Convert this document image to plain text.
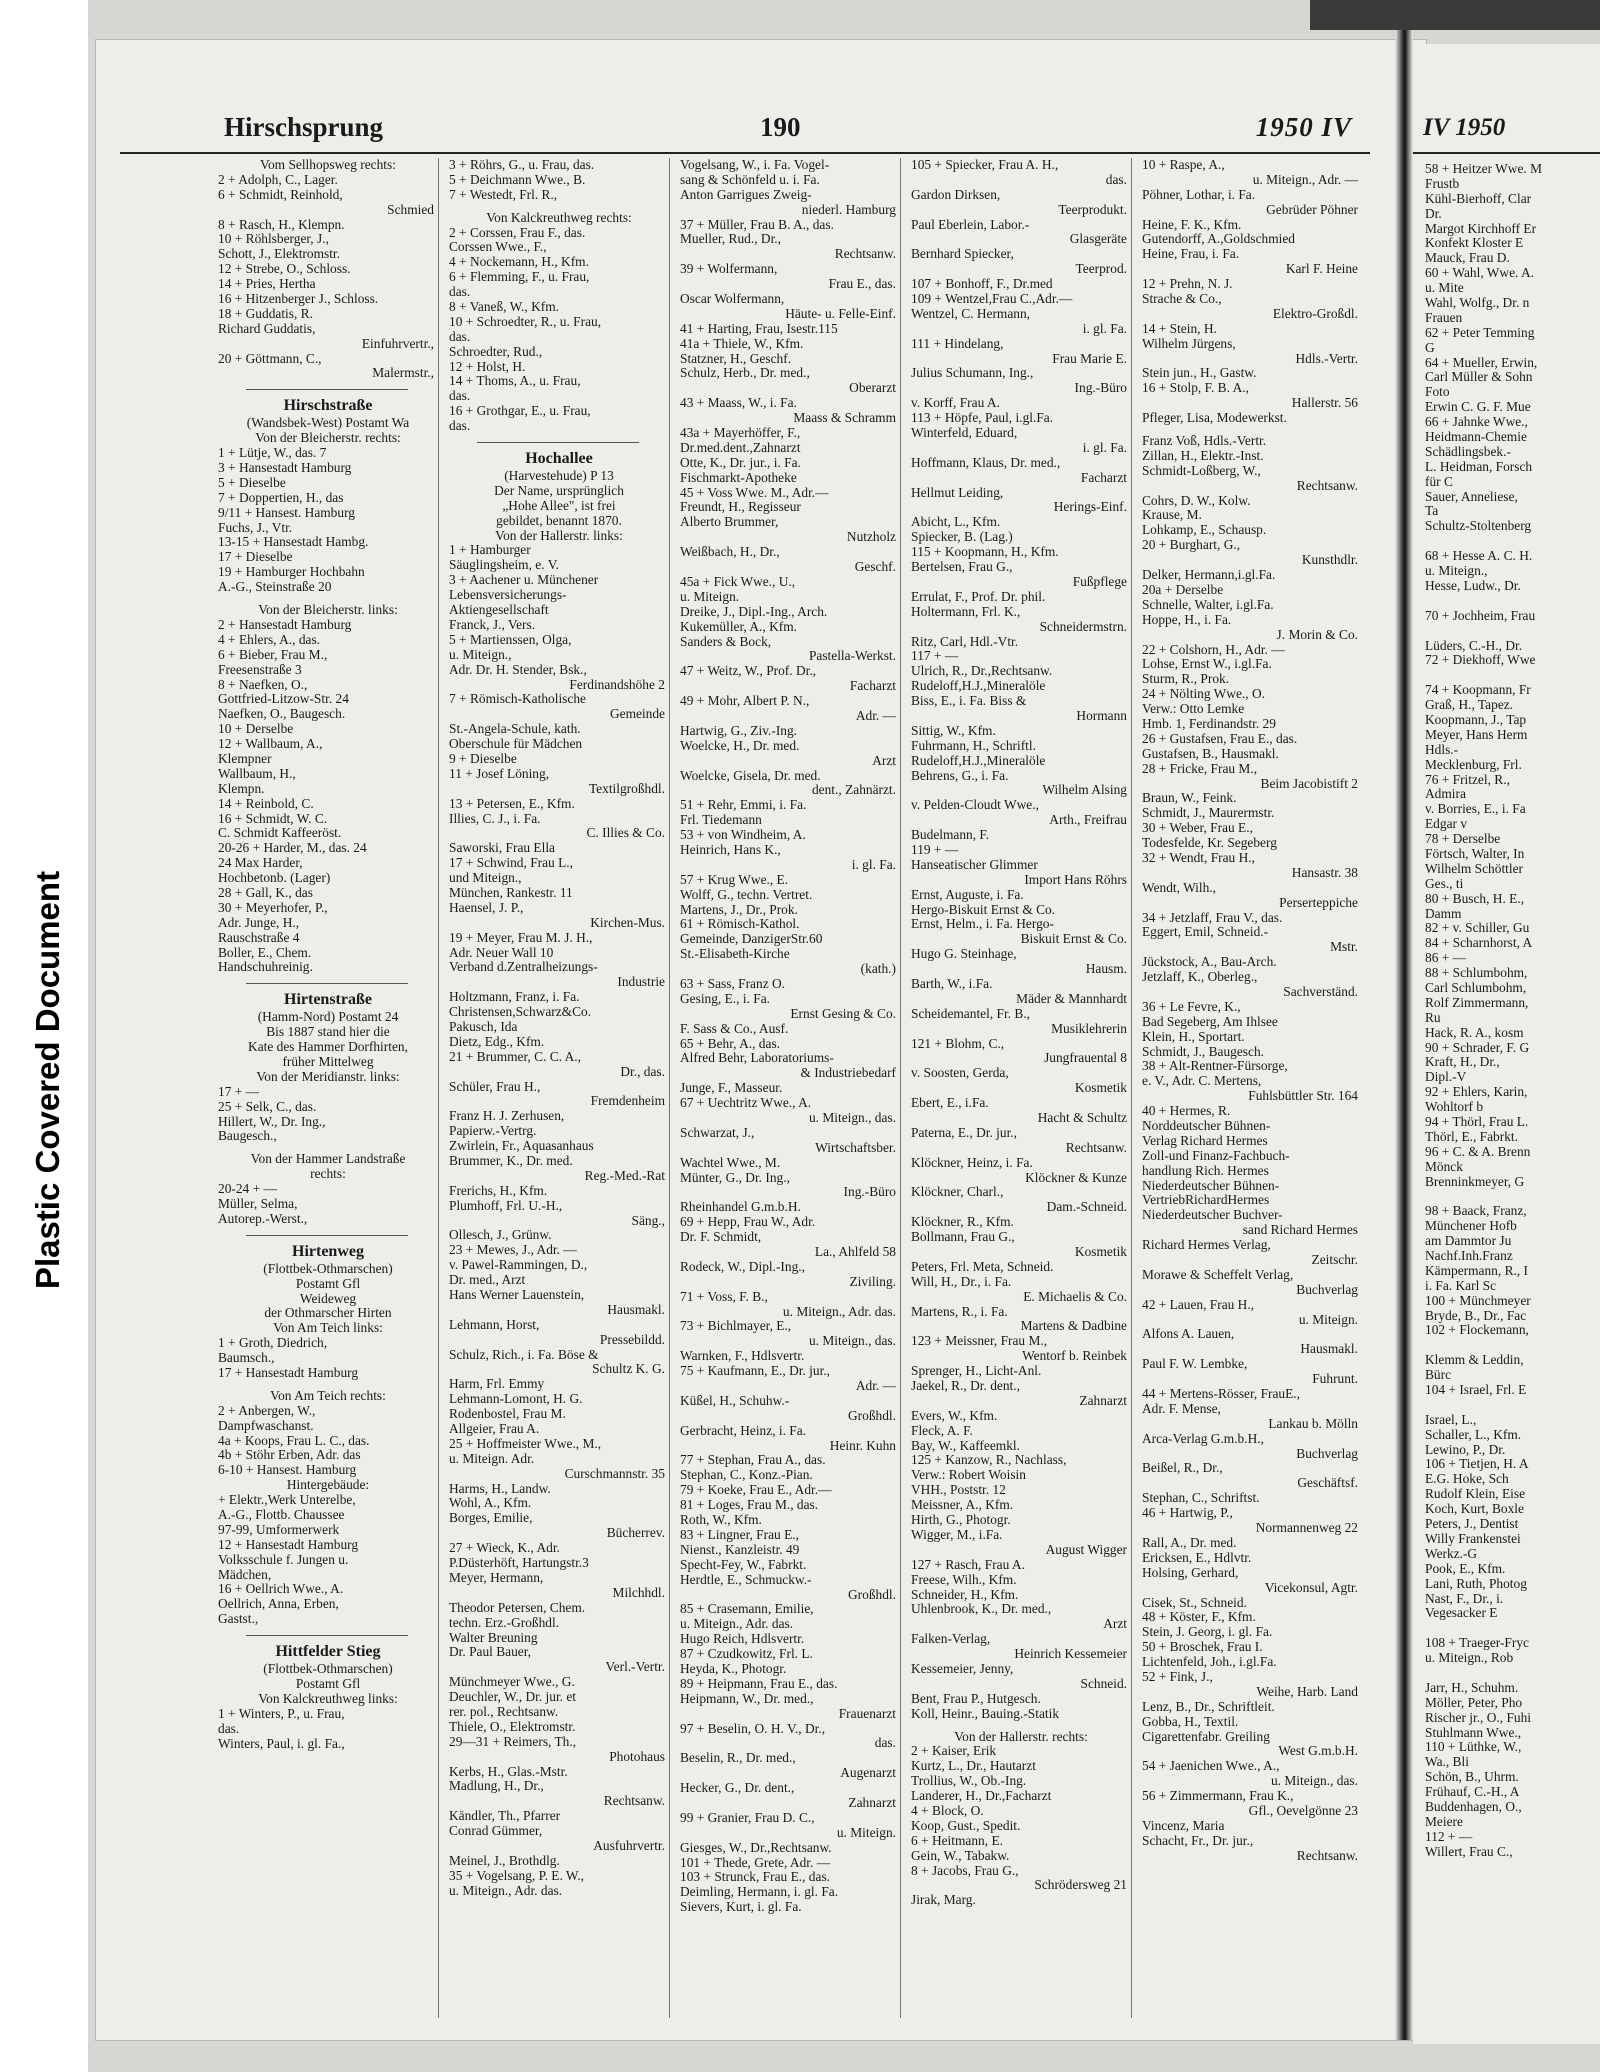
Plastic Covered Document
IV 1950
58 + Heitzer Wwe. M
Frustb
Kühl-Bierhoff, Clar
Dr.
Margot Kirchhoff Er
Konfekt Kloster E
Mauck, Frau D.
60 + Wahl, Wwe. A.
u. Mite
Wahl, Wolfg., Dr. n
Frauen
62 + Peter Temming
G
64 + Mueller, Erwin,
Carl Müller & Sohn
Foto
Erwin C. G. F. Mue
66 + Jahnke Wwe.,
Heidmann-Chemie
Schädlingsbek.-
L. Heidman, Forsch
für C
Sauer, Anneliese,
Ta
Schultz-Stoltenberg
68 + Hesse A. C. H.
u. Miteign.,
Hesse, Ludw., Dr.
70 + Jochheim, Frau
Lüders, C.-H., Dr.
72 + Diekhoff, Wwe
74 + Koopmann, Fr
Graß, H., Tapez.
Koopmann, J., Tap
Meyer, Hans Herm
Hdls.-
Mecklenburg, Frl.
76 + Fritzel, R.,
Admira
v. Borries, E., i. Fa
Edgar v
78 + Derselbe
Förtsch, Walter, In
Wilhelm Schöttler
Ges., ti
80 + Busch, H. E.,
Damm
82 + v. Schiller, Gu
84 + Scharnhorst, A
86 + —
88 + Schlumbohm,
Carl Schlumbohm,
Rolf Zimmermann,
Ru
Hack, R. A., kosm
90 + Schrader, F. G
Kraft, H., Dr.,
Dipl.-V
92 + Ehlers, Karin,
Wohltorf b
94 + Thörl, Frau L.
Thörl, E., Fabrkt.
96 + C. & A. Brenn
Mönck
Brenninkmeyer, G
98 + Baack, Franz,
Münchener Hofb
am Dammtor Ju
Nachf.Inh.Franz
Kämpermann, R., I
i. Fa. Karl Sc
100 + Münchmeyer
Bryde, B., Dr., Fac
102 + Flockemann,
Klemm & Leddin,
Bürc
104 + Israel, Frl. E
Israel, L.,
Schaller, L., Kfm.
Lewino, P., Dr.
106 + Tietjen, H. A
E.G. Hoke, Sch
Rudolf Klein, Eise
Koch, Kurt, Boxle
Peters, J., Dentist
Willy Frankenstei
Werkz.-G
Pook, E., Kfm.
Lani, Ruth, Photog
Nast, F., Dr., i.
Vegesacker E
108 + Traeger-Fryc
u. Miteign., Rob
Jarr, H., Schuhm.
Möller, Peter, Pho
Rischer jr., O., Fuhi
Stuhlmann Wwe.,
110 + Lüthke, W.,
Wa., Bli
Schön, B., Uhrm.
Frühauf, C.-H., A
Buddenhagen, O.,
Meiere
112 + —
Willert, Frau C.,
Hirschsprung	190	1950 IV
Vom Sellhopsweg rechts:
2 + Adolph, C., Lager.
6 + Schmidt, Reinhold,
Schmied
8 + Rasch, H., Klempn.
10 + Röhlsberger, J.,
Schott, J., Elektromstr.
12 + Strebe, O., Schloss.
14 + Pries, Hertha
16 + Hitzenberger J., Schloss.
18 + Guddatis, R.
Richard Guddatis,
Einfuhrvertr.,
20 + Göttmann, C.,
Malermstr.,
Hirschstraße
(Wandsbek-West) Postamt Wa
Von der Bleicherstr. rechts:
1 + Lütje, W., das. 7
3 + Hansestadt Hamburg
5 + Dieselbe
7 + Doppertien, H., das
9/11 + Hansest. Hamburg
Fuchs, J., Vtr.
13-15 + Hansestadt Hambg.
17 + Dieselbe
19 + Hamburger Hochbahn
A.-G., Steinstraße 20
Von der Bleicherstr. links:
2 + Hansestadt Hamburg
4 + Ehlers, A., das.
6 + Bieber, Frau M.,
Freesenstraße 3
8 + Naefken, O.,
Gottfried-Litzow-Str. 24
Naefken, O., Baugesch.
10 + Derselbe
12 + Wallbaum, A.,
Klempner
Wallbaum, H.,
Klempn.
14 + Reinbold, C.
16 + Schmidt, W. C.
C. Schmidt Kaffeeröst.
20-26 + Harder, M., das. 24
24 Max Harder,
Hochbetonb. (Lager)
28 + Gall, K., das
30 + Meyerhofer, P.,
Adr. Junge, H.,
Rauschstraße 4
Boller, E., Chem.
Handschuhreinig.
Hirtenstraße
(Hamm-Nord) Postamt 24
Bis 1887 stand hier die
Kate des Hammer Dorfhirten,
früher Mittelweg
Von der Meridianstr. links:
17 + —
25 + Selk, C., das.
Hillert, W., Dr. Ing.,
Baugesch.,
Von der Hammer Landstraße
rechts:
20-24 + —
Müller, Selma,
Autorep.-Werst.,
Hirtenweg
(Flottbek-Othmarschen)
Postamt Gfl
Weideweg
der Othmarscher Hirten
Von Am Teich links:
1 + Groth, Diedrich,
Baumsch.,
17 + Hansestadt Hamburg
Von Am Teich rechts:
2 + Anbergen, W.,
Dampfwaschanst.
4a + Koops, Frau L. C., das.
4b + Stöhr Erben, Adr. das
6-10 + Hansest. Hamburg
Hintergebäude:
+ Elektr.,Werk Unterelbe,
A.-G., Flottb. Chaussee
97-99, Umformerwerk
12 + Hansestadt Hamburg
Volksschule f. Jungen u.
Mädchen,
16 + Oellrich Wwe., A.
Oellrich, Anna, Erben,
Gastst.,
Hittfelder Stieg
(Flottbek-Othmarschen)
Postamt Gfl
Von Kalckreuthweg links:
1 + Winters, P., u. Frau,
das.
Winters, Paul, i. gl. Fa.,
3 + Röhrs, G., u. Frau, das.
5 + Deichmann Wwe., B.
7 + Westedt, Frl. R.,
Von Kalckreuthweg rechts:
2 + Corssen, Frau F., das.
Corssen Wwe., F.,
4 + Nockemann, H., Kfm.
6 + Flemming, F., u. Frau,
das.
8 + Vaneß, W., Kfm.
10 + Schroedter, R., u. Frau,
das.
Schroedter, Rud.,
12 + Holst, H.
14 + Thoms, A., u. Frau,
das.
16 + Grothgar, E., u. Frau,
das.
Hochallee
(Harvestehude) P 13
Der Name, ursprünglich
„Hohe Allee", ist frei
gebildet, benannt 1870.
Von der Hallerstr. links:
1 + Hamburger
Säuglingsheim, e. V.
3 + Aachener u. Münchener
Lebensversicherungs-
Aktiengesellschaft
Franck, J., Vers.
5 + Martienssen, Olga,
u. Miteign.,
Adr. Dr. H. Stender, Bsk.,
Ferdinandshöhe 2
7 + Römisch-Katholische
Gemeinde
St.-Angela-Schule, kath.
Oberschule für Mädchen
9 + Dieselbe
11 + Josef Löning,
Textilgroßhdl.
13 + Petersen, E., Kfm.
Illies, C. J., i. Fa.
C. Illies & Co.
Saworski, Frau Ella
17 + Schwind, Frau L.,
und Miteign.,
München, Rankestr. 11
Haensel, J. P.,
Kirchen-Mus.
19 + Meyer, Frau M. J. H.,
Adr. Neuer Wall 10
Verband d.Zentralheizungs-
Industrie
Holtzmann, Franz, i. Fa.
Christensen,Schwarz&Co.
Pakusch, Ida
Dietz, Edg., Kfm.
21 + Brummer, C. C. A.,
Dr., das.
Schüler, Frau H.,
Fremdenheim
Franz H. J. Zerhusen,
Papierw.-Vertrg.
Zwirlein, Fr., Aquasanhaus
Brummer, K., Dr. med.
Reg.-Med.-Rat
Frerichs, H., Kfm.
Plumhoff, Frl. U.-H.,
Säng.,
Ollesch, J., Grünw.
23 + Mewes, J., Adr. —
v. Pawel-Rammingen, D.,
Dr. med., Arzt
Hans Werner Lauenstein,
Hausmakl.
Lehmann, Horst,
Pressebildd.
Schulz, Rich., i. Fa. Böse &
Schultz K. G.
Harm, Frl. Emmy
Lehmann-Lomont, H. G.
Rodenbostel, Frau M.
Allgeier, Frau A.
25 + Hoffmeister Wwe., M.,
u. Miteign. Adr.
Curschmannstr. 35
Harms, H., Landw.
Wohl, A., Kfm.
Borges, Emilie,
Bücherrev.
27 + Wieck, K., Adr.
P.Düsterhöft, Hartungstr.3
Meyer, Hermann,
Milchhdl.
Theodor Petersen, Chem.
techn. Erz.-Großhdl.
Walter Breuning
Dr. Paul Bauer,
Verl.-Vertr.
Münchmeyer Wwe., G.
Deuchler, W., Dr. jur. et
rer. pol., Rechtsanw.
Thiele, O., Elektromstr.
29—31 + Reimers, Th.,
Photohaus
Kerbs, H., Glas.-Mstr.
Madlung, H., Dr.,
Rechtsanw.
Kändler, Th., Pfarrer
Conrad Gümmer,
Ausfuhrvertr.
Meinel, J., Brothdlg.
35 + Vogelsang, P. E. W.,
u. Miteign., Adr. das.
Vogelsang, W., i. Fa. Vogel-
sang & Schönfeld u. i. Fa.
Anton Garrigues Zweig-
niederl. Hamburg
37 + Müller, Frau B. A., das.
Mueller, Rud., Dr.,
Rechtsanw.
39 + Wolfermann,
Frau E., das.
Oscar Wolfermann,
Häute- u. Felle-Einf.
41 + Harting, Frau, Isestr.115
41a + Thiele, W., Kfm.
Statzner, H., Geschf.
Schulz, Herb., Dr. med.,
Oberarzt
43 + Maass, W., i. Fa.
Maass & Schramm
43a + Mayerhöffer, F.,
Dr.med.dent.,Zahnarzt
Otte, K., Dr. jur., i. Fa.
Fischmarkt-Apotheke
45 + Voss Wwe. M., Adr.—
Freundt, H., Regisseur
Alberto Brummer,
Nutzholz
Weißbach, H., Dr.,
Geschf.
45a + Fick Wwe., U.,
u. Miteign.
Dreike, J., Dipl.-Ing., Arch.
Kukemüller, A., Kfm.
Sanders & Bock,
Pastella-Werkst.
47 + Weitz, W., Prof. Dr.,
Facharzt
49 + Mohr, Albert P. N.,
Adr. —
Hartwig, G., Ziv.-Ing.
Woelcke, H., Dr. med.
Arzt
Woelcke, Gisela, Dr. med.
dent., Zahnärzt.
51 + Rehr, Emmi, i. Fa.
Frl. Tiedemann
53 + von Windheim, A.
Heinrich, Hans K.,
i. gl. Fa.
57 + Krug Wwe., E.
Wolff, G., techn. Vertret.
Martens, J., Dr., Prok.
61 + Römisch-Kathol.
Gemeinde, DanzigerStr.60
St.-Elisabeth-Kirche
(kath.)
63 + Sass, Franz O.
Gesing, E., i. Fa.
Ernst Gesing & Co.
F. Sass & Co., Ausf.
65 + Behr, A., das.
Alfred Behr, Laboratoriums-
& Industriebedarf
Junge, F., Masseur.
67 + Uechtritz Wwe., A.
u. Miteign., das.
Schwarzat, J.,
Wirtschaftsber.
Wachtel Wwe., M.
Münter, G., Dr. Ing.,
Ing.-Büro
Rheinhandel G.m.b.H.
69 + Hepp, Frau W., Adr.
Dr. F. Schmidt,
La., Ahlfeld 58
Rodeck, W., Dipl.-Ing.,
Ziviling.
71 + Voss, F. B.,
u. Miteign., Adr. das.
73 + Bichlmayer, E.,
u. Miteign., das.
Warnken, F., Hdlsvertr.
75 + Kaufmann, E., Dr. jur.,
Adr. —
Küßel, H., Schuhw.-
Großhdl.
Gerbracht, Heinz, i. Fa.
Heinr. Kuhn
77 + Stephan, Frau A., das.
Stephan, C., Konz.-Pian.
79 + Koeke, Frau E., Adr.—
81 + Loges, Frau M., das.
Roth, W., Kfm.
83 + Lingner, Frau E.,
Nienst., Kanzleistr. 49
Specht-Fey, W., Fabrkt.
Herdtle, E., Schmuckw.-
Großhdl.
85 + Crasemann, Emilie,
u. Miteign., Adr. das.
Hugo Reich, Hdlsvertr.
87 + Czudkowitz, Frl. L.
Heyda, K., Photogr.
89 + Heipmann, Frau E., das.
Heipmann, W., Dr. med.,
Frauenarzt
97 + Beselin, O. H. V., Dr.,
das.
Beselin, R., Dr. med.,
Augenarzt
Hecker, G., Dr. dent.,
Zahnarzt
99 + Granier, Frau D. C.,
u. Miteign.
Giesges, W., Dr.,Rechtsanw.
101 + Thede, Grete, Adr. —
103 + Strunck, Frau E., das.
Deimling, Hermann, i. gl. Fa.
Sievers, Kurt, i. gl. Fa.
105 + Spiecker, Frau A. H.,
das.
Gardon Dirksen,
Teerprodukt.
Paul Eberlein, Labor.-
Glasgeräte
Bernhard Spiecker,
Teerprod.
107 + Bonhoff, F., Dr.med
109 + Wentzel,Frau C.,Adr.—
Wentzel, C. Hermann,
i. gl. Fa.
111 + Hindelang,
Frau Marie E.
Julius Schumann, Ing.,
Ing.-Büro
v. Korff, Frau A.
113 + Höpfe, Paul, i.gl.Fa.
Winterfeld, Eduard,
i. gl. Fa.
Hoffmann, Klaus, Dr. med.,
Facharzt
Hellmut Leiding,
Herings-Einf.
Abicht, L., Kfm.
Spiecker, B. (Lag.)
115 + Koopmann, H., Kfm.
Bertelsen, Frau G.,
Fußpflege
Errulat, F., Prof. Dr. phil.
Holtermann, Frl. K.,
Schneidermstrn.
Ritz, Carl, Hdl.-Vtr.
117 + —
Ulrich, R., Dr.,Rechtsanw.
Rudeloff,H.J.,Mineralöle
Biss, E., i. Fa. Biss &
Hormann
Sittig, W., Kfm.
Fuhrmann, H., Schriftl.
Rudeloff,H.J.,Mineralöle
Behrens, G., i. Fa.
Wilhelm Alsing
v. Pelden-Cloudt Wwe.,
Arth., Freifrau
Budelmann, F.
119 + —
Hanseatischer Glimmer
Import Hans Röhrs
Ernst, Auguste, i. Fa.
Hergo-Biskuit Ernst & Co.
Ernst, Helm., i. Fa. Hergo-
Biskuit Ernst & Co.
Hugo G. Steinhage,
Hausm.
Barth, W., i.Fa.
Mäder & Mannhardt
Scheidemantel, Fr. B.,
Musiklehrerin
121 + Blohm, C.,
Jungfrauental 8
v. Soosten, Gerda,
Kosmetik
Ebert, E., i.Fa.
Hacht & Schultz
Paterna, E., Dr. jur.,
Rechtsanw.
Klöckner, Heinz, i. Fa.
Klöckner & Kunze
Klöckner, Charl.,
Dam.-Schneid.
Klöckner, R., Kfm.
Bollmann, Frau G.,
Kosmetik
Peters, Frl. Meta, Schneid.
Will, H., Dr., i. Fa.
E. Michaelis & Co.
Martens, R., i. Fa.
Martens & Dadbine
123 + Meissner, Frau M.,
Wentorf b. Reinbek
Sprenger, H., Licht-Anl.
Jaekel, R., Dr. dent.,
Zahnarzt
Evers, W., Kfm.
Fleck, A. F.
Bay, W., Kaffeemkl.
125 + Kanzow, R., Nachlass,
Verw.: Robert Woisin
VHH., Poststr. 12
Meissner, A., Kfm.
Hirth, G., Photogr.
Wigger, M., i.Fa.
August Wigger
127 + Rasch, Frau A.
Freese, Wilh., Kfm.
Schneider, H., Kfm.
Uhlenbrook, K., Dr. med.,
Arzt
Falken-Verlag,
Heinrich Kessemeier
Kessemeier, Jenny,
Schneid.
Bent, Frau P., Hutgesch.
Koll, Heinr., Bauing.-Statik
Von der Hallerstr. rechts:
2 + Kaiser, Erik
Kurtz, L., Dr., Hautarzt
Trollius, W., Ob.-Ing.
Landerer, H., Dr.,Facharzt
4 + Block, O.
Koop, Gust., Spedit.
6 + Heitmann, E.
Gein, W., Tabakw.
8 + Jacobs, Frau G.,
Schrödersweg 21
Jirak, Marg.
10 + Raspe, A.,
u. Miteign., Adr. —
Pöhner, Lothar, i. Fa.
Gebrüder Pöhner
Heine, F. K., Kfm.
Gutendorff, A.,Goldschmied
Heine, Frau, i. Fa.
Karl F. Heine
12 + Prehn, N. J.
Strache & Co.,
Elektro-Großdl.
14 + Stein, H.
Wilhelm Jürgens,
Hdls.-Vertr.
Stein jun., H., Gastw.
16 + Stolp, F. B. A.,
Hallerstr. 56
Pfleger, Lisa, Modewerkst.
Franz Voß, Hdls.-Vertr.
Zillan, H., Elektr.-Inst.
Schmidt-Loßberg, W.,
Rechtsanw.
Cohrs, D. W., Kolw.
Krause, M.
Lohkamp, E., Schausp.
20 + Burghart, G.,
Kunsthdlr.
Delker, Hermann,i.gl.Fa.
20a + Derselbe
Schnelle, Walter, i.gl.Fa.
Hoppe, H., i. Fa.
J. Morin & Co.
22 + Colshorn, H., Adr. —
Lohse, Ernst W., i.gl.Fa.
Sturm, R., Prok.
24 + Nölting Wwe., O.
Verw.: Otto Lemke
Hmb. 1, Ferdinandstr. 29
26 + Gustafsen, Frau E., das.
Gustafsen, B., Hausmakl.
28 + Fricke, Frau M.,
Beim Jacobistift 2
Braun, W., Feink.
Schmidt, J., Maurermstr.
30 + Weber, Frau E.,
Todesfelde, Kr. Segeberg
32 + Wendt, Frau H.,
Hansastr. 38
Wendt, Wilh.,
Perserteppiche
34 + Jetzlaff, Frau V., das.
Eggert, Emil, Schneid.-
Mstr.
Jückstock, A., Bau-Arch.
Jetzlaff, K., Oberleg.,
Sachverständ.
36 + Le Fevre, K.,
Bad Segeberg, Am Ihlsee
Klein, H., Sportart.
Schmidt, J., Baugesch.
38 + Alt-Rentner-Fürsorge,
e. V., Adr. C. Mertens,
Fuhlsbüttler Str. 164
40 + Hermes, R.
Norddeutscher Bühnen-
Verlag Richard Hermes
Zoll-und Finanz-Fachbuch-
handlung Rich. Hermes
Niederdeutscher Bühnen-
VertriebRichardHermes
Niederdeutscher Buchver-
sand Richard Hermes
Richard Hermes Verlag,
Zeitschr.
Morawe & Scheffelt Verlag,
Buchverlag
42 + Lauen, Frau H.,
u. Miteign.
Alfons A. Lauen,
Hausmakl.
Paul F. W. Lembke,
Fuhrunt.
44 + Mertens-Rösser, FrauE.,
Adr. F. Mense,
Lankau b. Mölln
Arca-Verlag G.m.b.H.,
Buchverlag
Beißel, R., Dr.,
Geschäftsf.
Stephan, C., Schriftst.
46 + Hartwig, P.,
Normannenweg 22
Rall, A., Dr. med.
Ericksen, E., Hdlvtr.
Holsing, Gerhard,
Vicekonsul, Agtr.
Cisek, St., Schneid.
48 + Köster, F., Kfm.
Stein, J. Georg, i. gl. Fa.
50 + Broschek, Frau I.
Lichtenfeld, Joh., i.gl.Fa.
52 + Fink, J.,
Weihe, Harb. Land
Lenz, B., Dr., Schriftleit.
Gobba, H., Textil.
Cigarettenfabr. Greiling
West G.m.b.H.
54 + Jaenichen Wwe., A.,
u. Miteign., das.
56 + Zimmermann, Frau K.,
Gfl., Oevelgönne 23
Vincenz, Maria
Schacht, Fr., Dr. jur.,
Rechtsanw.
